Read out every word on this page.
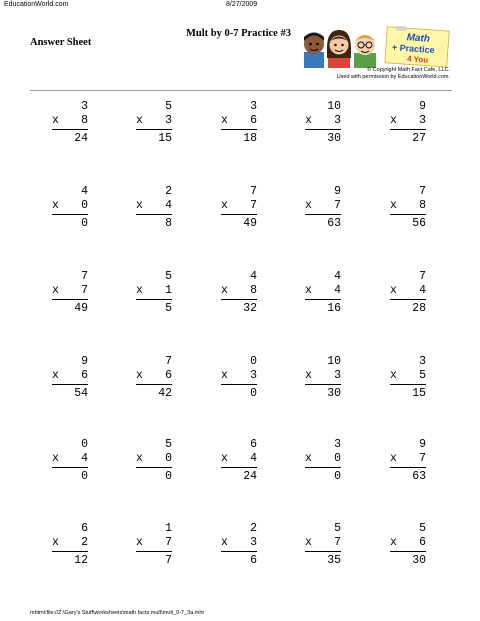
EducationWorld.com	8/27/2009
Answer Sheet
Mult by 0-7 Practice #3	Math
+ Practice
4 You
© Copyright Math Fact Cafe, LLC.
Used with permission by EducationWorld.com.
3
x 8
24
5
x 3
15
3
x 6
18
10
x 3
30
9
x 3
27
4
x 0
0
2
x 4
8
7
x 7
49
9
x 7
63
7
x 8
56
7
x 7
49
5
x 1
5
4
x 8
32
4
x 4
16
7
x 4
28
9
x 6
54
7
x 6
42
0
x 3
0
10
x 3
30
3
x 5
15
0
x 4
0
5
x 0
0
6
x 4
24
3
x 0
0
9
x 7
63
6
x 2
12
1
x 7
7
2
x 3
6
5
x 7
35
5
x 6
30
mhtml:file://Z:\Gary's Stuff\worksheets\math facts mult\mult_0-7_3a.mht
